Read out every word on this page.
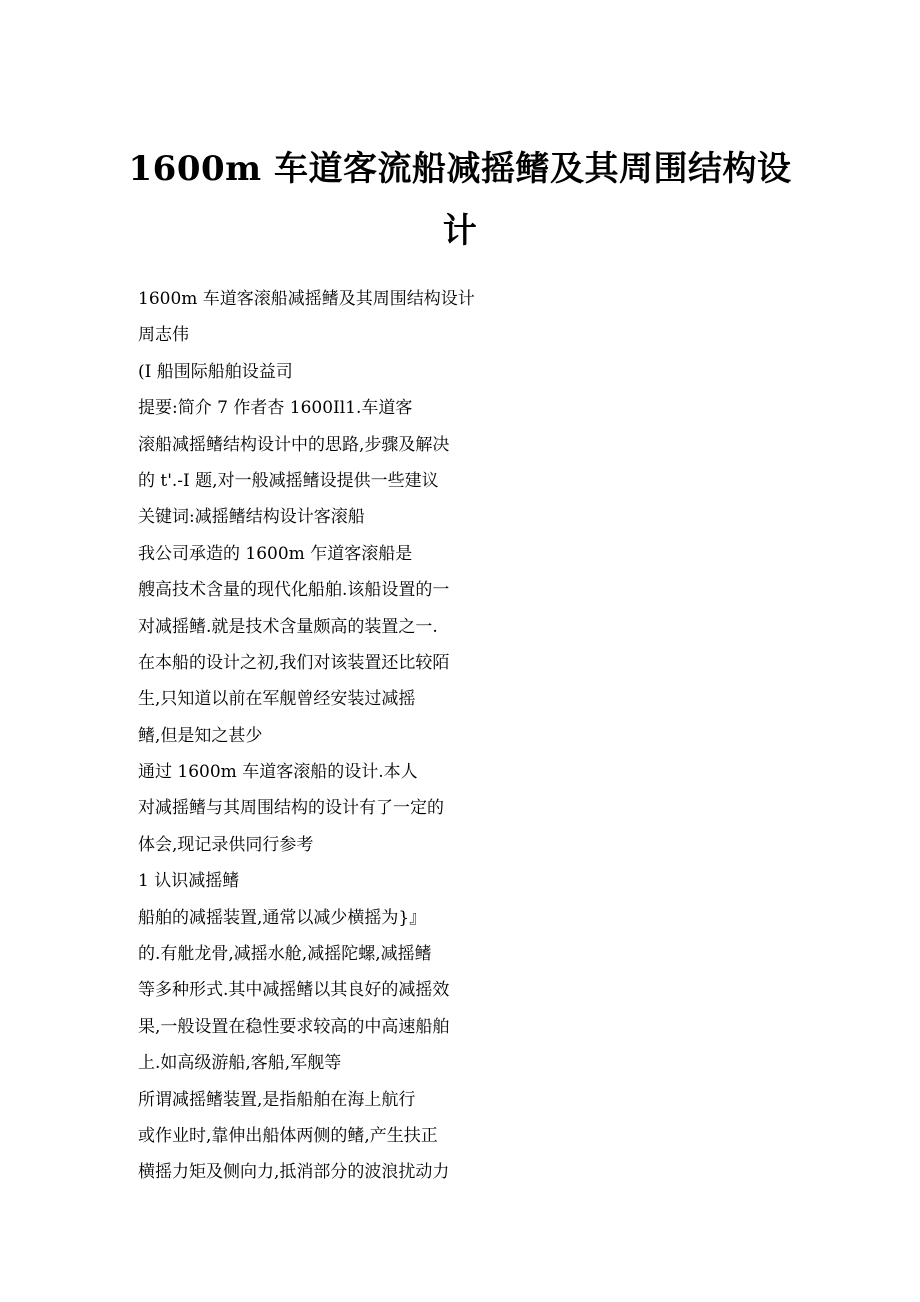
1600m 车道客流船减摇鳍及其周围结构设
计
1600m 车道客滚船减摇鳍及其周围结构设计
周志伟
(I 船围际船舶设益司
提要:简介 7 作者杏 1600Il1.车道客
滚船减摇鳍结构设计中的思路,步骤及解决
的 t'.-I 题,对一般减摇鳍设提供一些建议
关键词:减摇鳍结构设计客滚船
我公司承造的 1600m 乍道客滚船是
艘高技术含量的现代化船舶.该船设置的一
对减摇鳍.就是技术含量颇高的装置之一.
在本船的设计之初,我们对该装置还比较陌
生,只知道以前在军舰曾经安装过减摇
鳍,但是知之甚少
通过 1600m 车道客滚船的设计.本人
对减摇鳍与其周围结构的设计有了一定的
体会,现记录供同行参考
1 认识减摇鳍
船舶的减摇装置,通常以减少横摇为}』
的.有舭龙骨,减摇水舱,减摇陀螺,减摇鳍
等多种形式.其中减摇鳍以其良好的减摇效
果,一般设置在稳性要求较高的中高速船舶
上.如高级游船,客船,军舰等
所谓减摇鳍装置,是指船舶在海上航行
或作业时,靠伸出船体两侧的鳍,产生扶正
横摇力矩及侧向力,抵消部分的波浪扰动力
